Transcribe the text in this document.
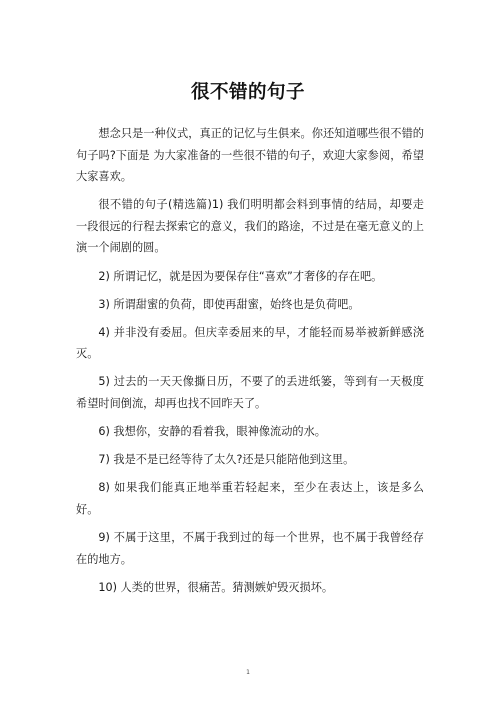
很不错的句子

想念只是一种仪式，真正的记忆与生俱来。你还知道哪些很不错的句子吗?下面是 为大家准备的一些很不错的句子，欢迎大家参阅，希望大家喜欢。

很不错的句子(精选篇)1) 我们明明都会料到事情的结局，却要走一段很远的行程去探索它的意义，我们的路途，不过是在毫无意义的上演一个闹剧的圆。

2) 所谓记忆，就是因为要保存住“喜欢”才奢侈的存在吧。

3) 所谓甜蜜的负荷，即使再甜蜜，始终也是负荷吧。

4) 并非没有委屈。但庆幸委屈来的早，才能轻而易举被新鲜感浇灭。

5) 过去的一天天像撕日历，不要了的丢进纸篓，等到有一天极度希望时间倒流，却再也找不回昨天了。

6) 我想你，安静的看着我，眼神像流动的水。

7) 我是不是已经等待了太久?还是只能陪他到这里。

8) 如果我们能真正地举重若轻起来，至少在表达上，该是多么好。

9) 不属于这里，不属于我到过的每一个世界，也不属于我曾经存在的地方。

10) 人类的世界，很痛苦。猜测嫉妒毁灭损坏。

1
